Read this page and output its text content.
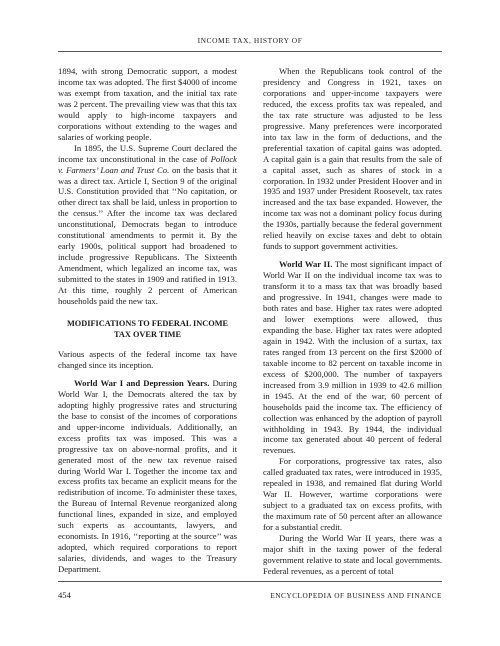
INCOME TAX, HISTORY OF

1894, with strong Democratic support, a modest income tax was adopted. The first $4000 of income was exempt from taxation, and the initial tax rate was 2 percent. The prevailing view was that this tax would apply to high-income taxpayers and corporations without extending to the wages and salaries of working people.

In 1895, the U.S. Supreme Court declared the income tax unconstitutional in the case of Pollock v. Farmers’ Loan and Trust Co. on the basis that it was a direct tax. Article I, Section 9 of the original U.S. Constitution provided that ‘‘No capitation, or other direct tax shall be laid, unless in proportion to the census.’’ After the income tax was declared unconstitutional, Democrats began to introduce constitutional amendments to permit it. By the early 1900s, political support had broadened to include progressive Republicans. The Sixteenth Amendment, which legalized an income tax, was submitted to the states in 1909 and ratified in 1913. At this time, roughly 2 percent of American households paid the new tax.

MODIFICATIONS TO FEDERAL INCOME TAX OVER TIME

Various aspects of the federal income tax have changed since its inception.

World War I and Depression Years. During World War I, the Democrats altered the tax by adopting highly progressive rates and structuring the base to consist of the incomes of corporations and upper-income individuals. Additionally, an excess profits tax was imposed. This was a progressive tax on above-normal profits, and it generated most of the new tax revenue raised during World War I. Together the income tax and excess profits tax became an explicit means for the redistribution of income. To administer these taxes, the Bureau of Internal Revenue reorganized along functional lines, expanded in size, and employed such experts as accountants, lawyers, and economists. In 1916, ‘‘reporting at the source’’ was adopted, which required corporations to report salaries, dividends, and wages to the Treasury Department.

When the Republicans took control of the presidency and Congress in 1921, taxes on corporations and upper-income taxpayers were reduced, the excess profits tax was repealed, and the tax rate structure was adjusted to be less progressive. Many preferences were incorporated into tax law in the form of deductions, and the preferential taxation of capital gains was adopted. A capital gain is a gain that results from the sale of a capital asset, such as shares of stock in a corporation. In 1932 under President Hoover and in 1935 and 1937 under President Roosevelt, tax rates increased and the tax base expanded. However, the income tax was not a dominant policy focus during the 1930s, partially because the federal government relied heavily on excise taxes and debt to obtain funds to support government activities.

World War II. The most significant impact of World War II on the individual income tax was to transform it to a mass tax that was broadly based and progressive. In 1941, changes were made to both rates and base. Higher tax rates were adopted and lower exemptions were allowed, thus expanding the base. Higher tax rates were adopted again in 1942. With the inclusion of a surtax, tax rates ranged from 13 percent on the first $2000 of taxable income to 82 percent on taxable income in excess of $200,000. The number of taxpayers increased from 3.9 million in 1939 to 42.6 million in 1945. At the end of the war, 60 percent of households paid the income tax. The efficiency of collection was enhanced by the adoption of payroll withholding in 1943. By 1944, the individual income tax generated about 40 percent of federal revenues.

For corporations, progressive tax rates, also called graduated tax rates, were introduced in 1935, repealed in 1938, and remained flat during World War II. However, wartime corporations were subject to a graduated tax on excess profits, with the maximum rate of 50 percent after an allowance for a substantial credit.

During the World War II years, there was a major shift in the taxing power of the federal government relative to state and local governments. Federal revenues, as a percent of total

454	ENCYCLOPEDIA OF BUSINESS AND FINANCE
